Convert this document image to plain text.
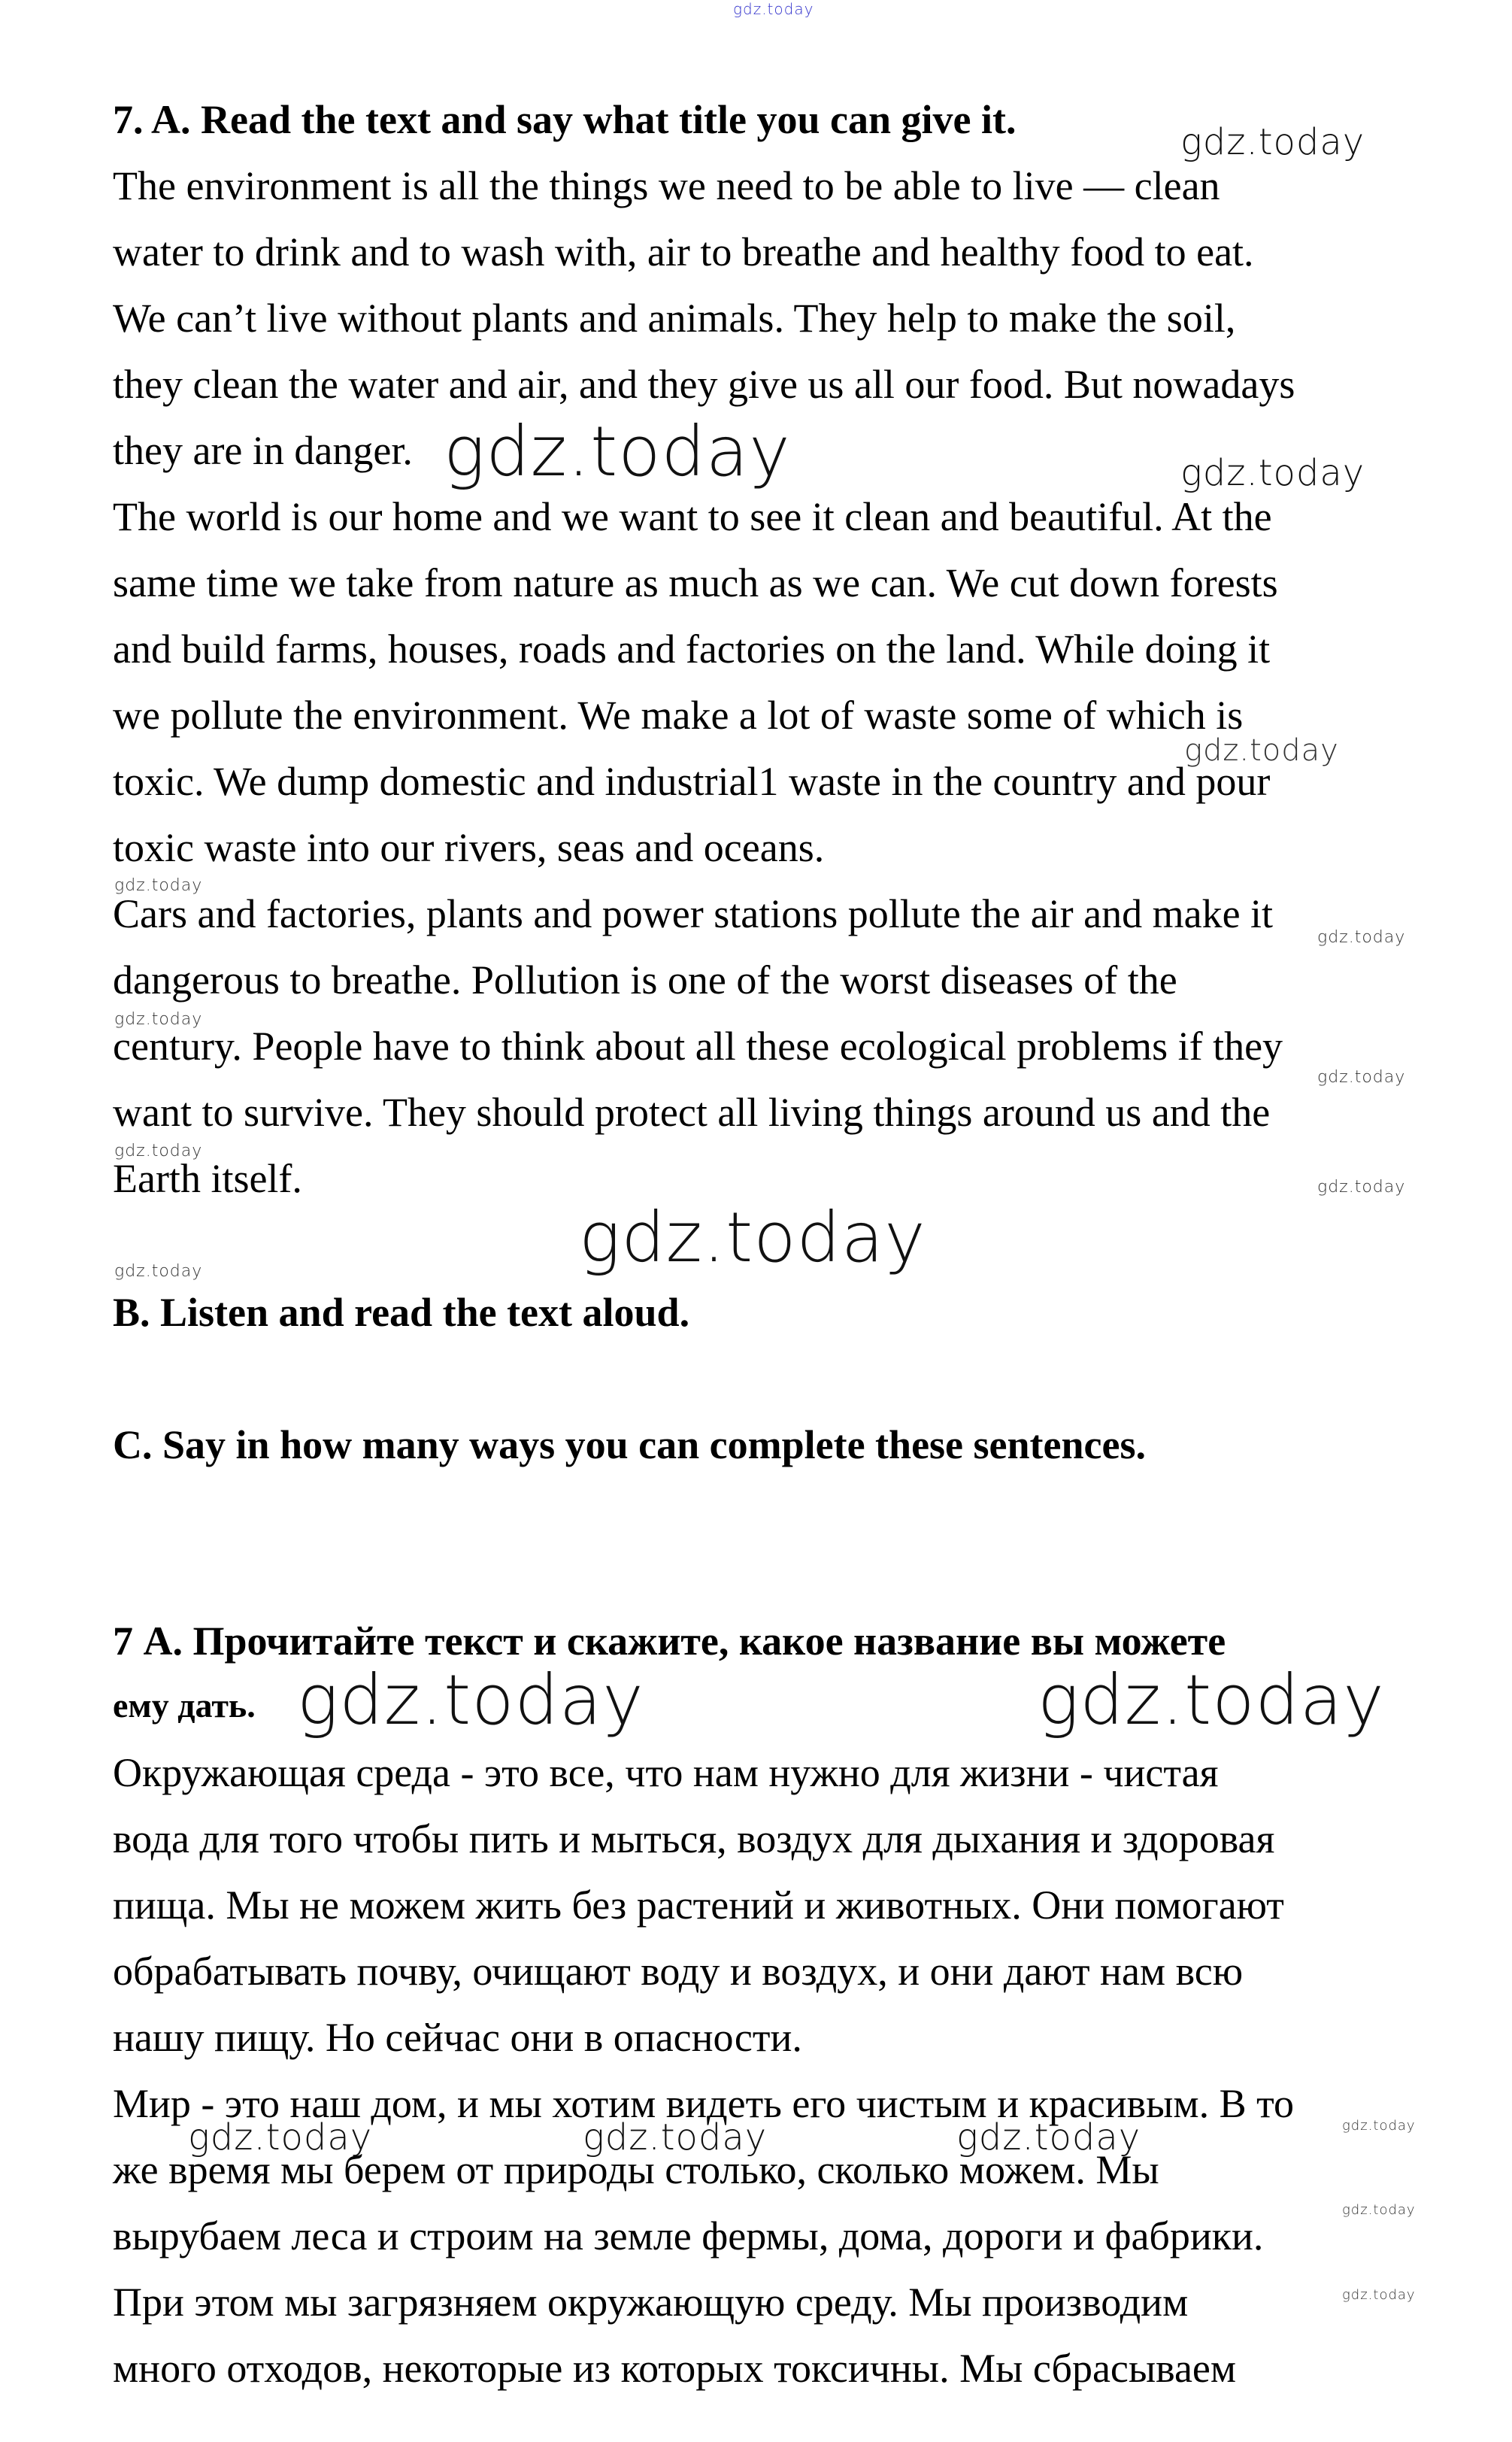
gdz.today
7. A. Read the text and say what title you can give it.
The environment is all the things we need to be able to live — clean
water to drink and to wash with, air to breathe and healthy food to eat.
We can’t live without plants and animals. They help to make the soil,
they clean the water and air, and they give us all our food. But nowadays
they are in danger.
The world is our home and we want to see it clean and beautiful. At the
same time we take from nature as much as we can. We cut down forests
and build farms, houses, roads and factories on the land. While doing it
we pollute the environment. We make a lot of waste some of which is
toxic. We dump domestic and industrial1 waste in the country and pour
toxic waste into our rivers, seas and oceans.
Cars and factories, plants and power stations pollute the air and make it
dangerous to breathe. Pollution is one of the worst diseases of the
century. People have to think about all these ecological problems if they
want to survive. They should protect all living things around us and the
Earth itself.
B. Listen and read the text aloud.
C. Say in how many ways you can complete these sentences.
7 А. Прочитайте текст и скажите, какое название вы можете
ему дать.
Окружающая среда - это все, что нам нужно для жизни - чистая
вода для того чтобы пить и мыться, воздух для дыхания и здоровая
пища. Мы не можем жить без растений и животных. Они помогают
обрабатывать почву, очищают воду и воздух, и они дают нам всю
нашу пищу. Но сейчас они в опасности.
Мир - это наш дом, и мы хотим видеть его чистым и красивым. В то
же время мы берем от природы столько, сколько можем. Мы
вырубаем леса и строим на земле фермы, дома, дороги и фабрики.
При этом мы загрязняем окружающую среду. Мы производим
много отходов, некоторые из которых токсичны. Мы сбрасываем
gdz.today
gdz.today	gdz.today
gdz.today
gdz.today
gdz.today
gdz.today
gdz.today
gdz.today
gdz.today
gdz.today
gdz.today
gdz.today	gdz.today
gdz.today	gdz.today	gdz.today	gdz.today
gdz.today
gdz.today
